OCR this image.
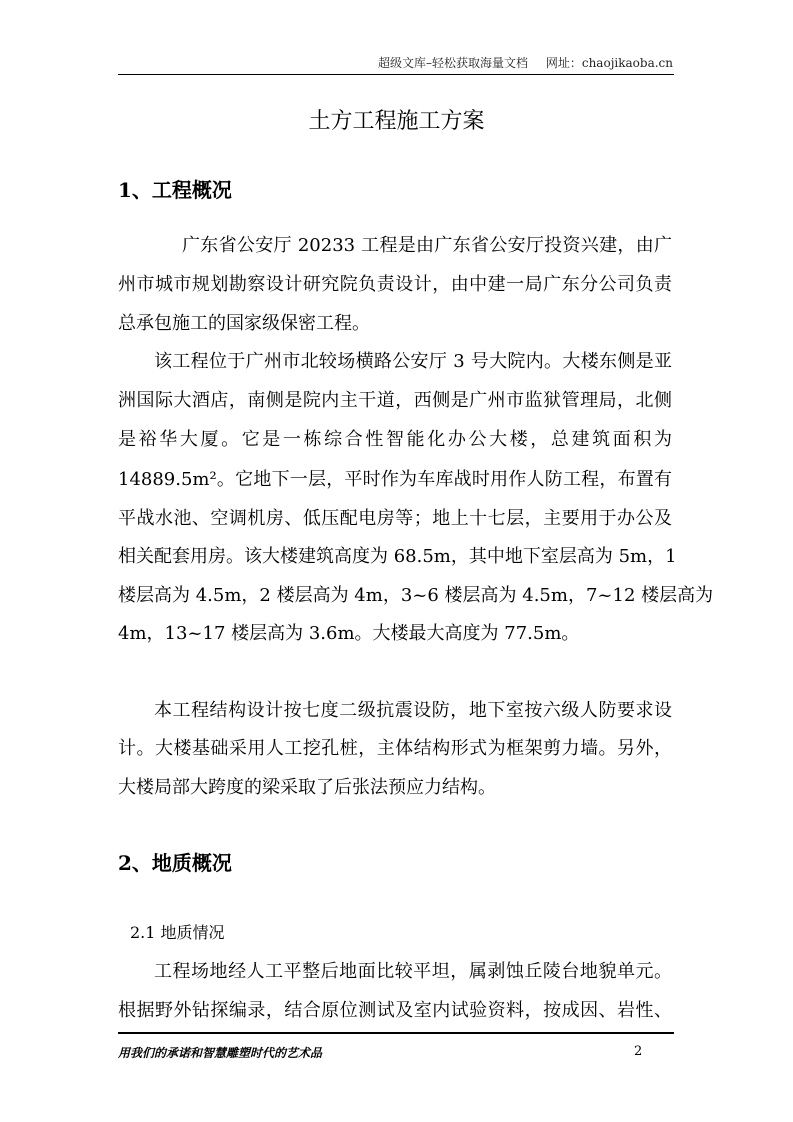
超级文库–轻松获取海量文档 网址：chaojikaoba.cn
土方工程施工方案
1、工程概况
广东省公安厅 20233 工程是由广东省公安厅投资兴建，由广
州市城市规划勘察设计研究院负责设计，由中建一局广东分公司负责
总承包施工的国家级保密工程。
该工程位于广州市北较场横路公安厅 3 号大院内。大楼东侧是亚
洲国际大酒店，南侧是院内主干道，西侧是广州市监狱管理局，北侧
是裕华大厦。它是一栋综合性智能化办公大楼，总建筑面积为
14889.5m²。它地下一层，平时作为车库战时用作人防工程，布置有
平战水池、空调机房、低压配电房等；地上十七层，主要用于办公及
相关配套用房。该大楼建筑高度为 68.5m，其中地下室层高为 5m，1
楼层高为 4.5m，2 楼层高为 4m，3~6 楼层高为 4.5m，7~12 楼层高为
4m，13~17 楼层高为 3.6m。大楼最大高度为 77.5m。
本工程结构设计按七度二级抗震设防，地下室按六级人防要求设
计。大楼基础采用人工挖孔桩，主体结构形式为框架剪力墙。另外，
大楼局部大跨度的梁采取了后张法预应力结构。
2、地质概况
2.1 地质情况
工程场地经人工平整后地面比较平坦，属剥蚀丘陵台地貌单元。
根据野外钻探编录，结合原位测试及室内试验资料，按成因、岩性、
用我们的承诺和智慧雕塑时代的艺术品	2
